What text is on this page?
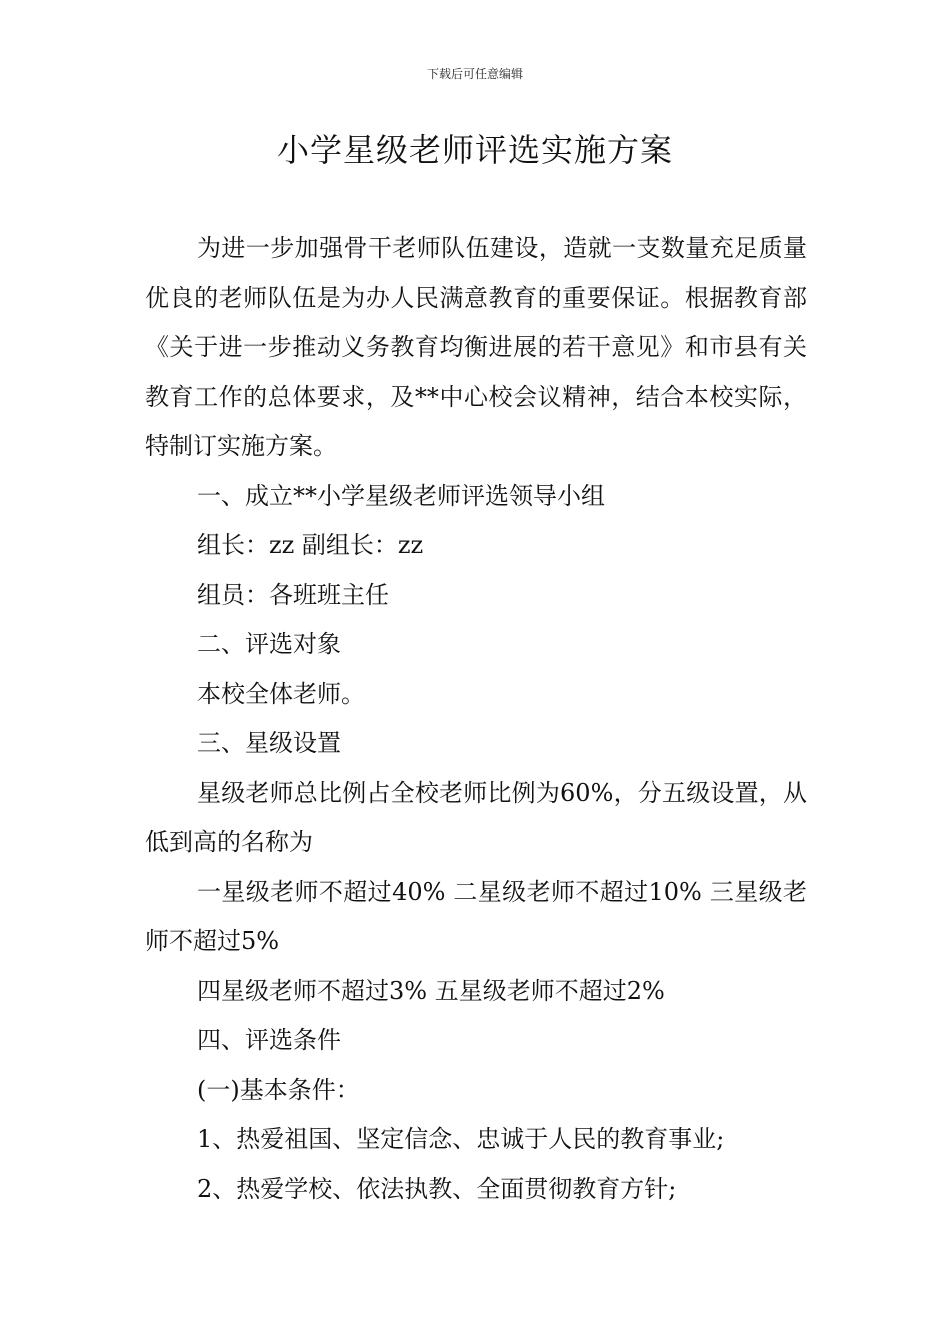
下载后可任意编辑
小学星级老师评选实施方案

为进一步加强骨干老师队伍建设，造就一支数量充足质量优良的老师队伍是为办人民满意教育的重要保证。根据教育部《关于进一步推动义务教育均衡进展的若干意见》和市县有关教育工作的总体要求，及**中心校会议精神，结合本校实际，特制订实施方案。

一、成立**小学星级老师评选领导小组

组长：zz 副组长：zz

组员：各班班主任

二、评选对象

本校全体老师。

三、星级设置

星级老师总比例占全校老师比例为60%，分五级设置，从低到高的名称为

一星级老师不超过40% 二星级老师不超过10% 三星级老师不超过5%

四星级老师不超过3% 五星级老师不超过2%

四、评选条件

(一)基本条件：

1、热爱祖国、坚定信念、忠诚于人民的教育事业;

2、热爱学校、依法执教、全面贯彻教育方针;
